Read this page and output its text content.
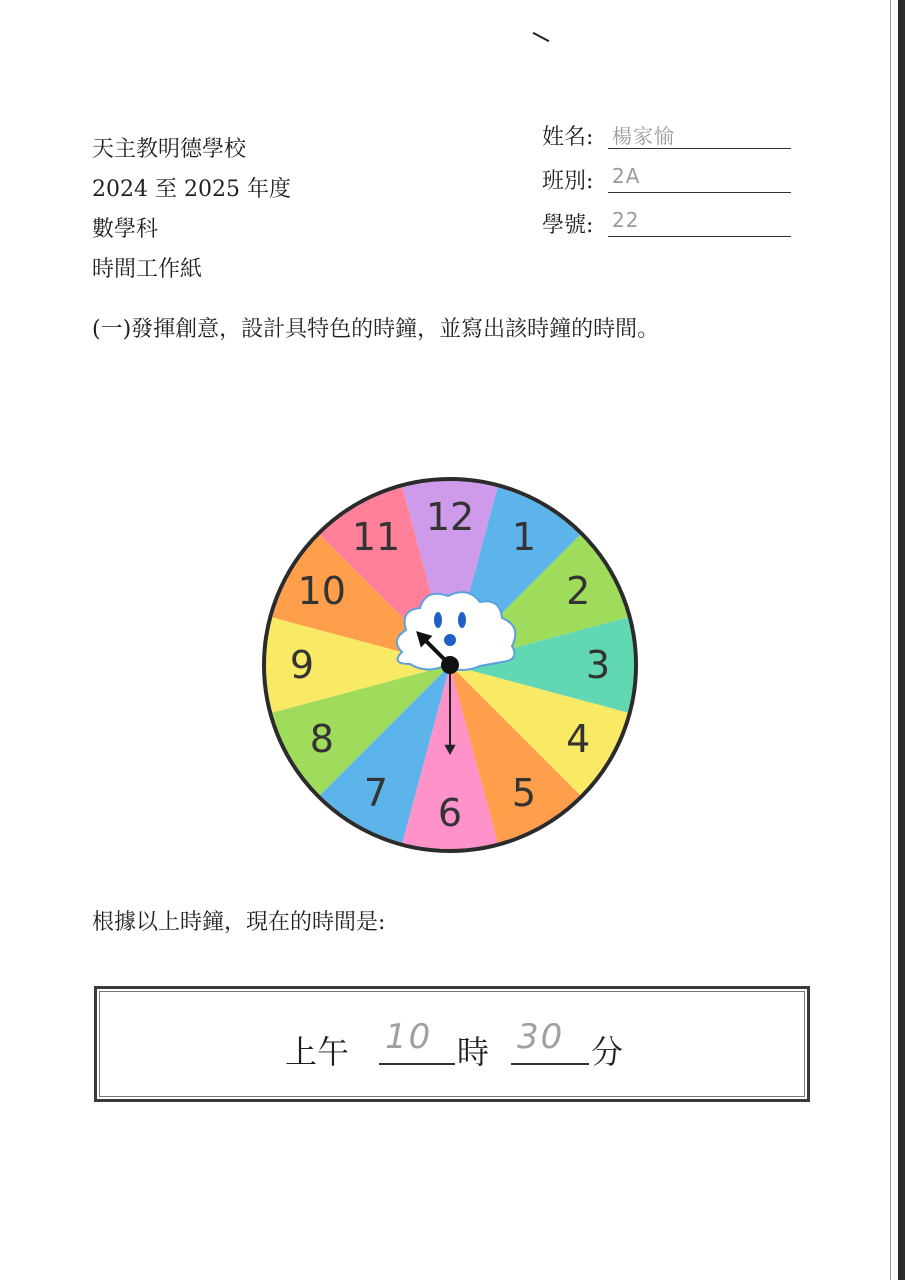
天主教明德學校
2024 至 2025 年度
數學科
時間工作紙
姓名: 楊家愉
班別: 2A
學號: 22
(一)發揮創意，設計具特色的時鐘，並寫出該時鐘的時間。
12 1
2
3
4
5
6
7
8
9
10
11
根據以上時鐘，現在的時間是:
上午 10 時 30 分
